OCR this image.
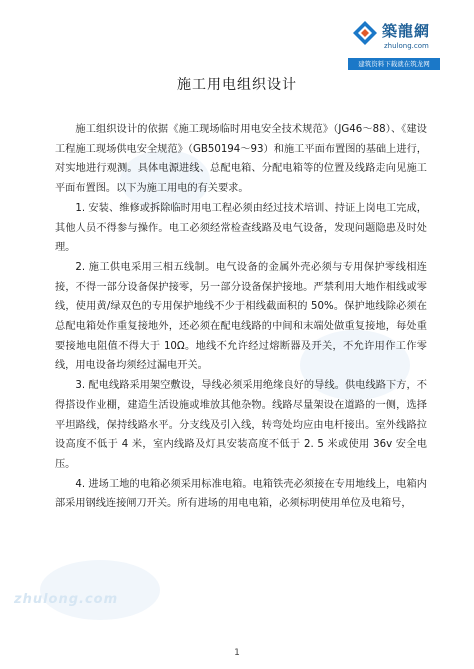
築龍網
zhulong.com
建筑资料下载就在筑龙网
施工用电组织设计

施工组织设计的依据《施工现场临时用电安全技术规范》（JG46～88）、《建设工程施工现场供电安全规范》（GB50194～93）和施工平面布置图的基础上进行，对实地进行观测。具体电源进线、总配电箱、分配电箱等的位置及线路走向见施工平面布置图。以下为施工用电的有关要求。

1. 安装、维修或拆除临时用电工程必须由经过技术培训、持证上岗电工完成，其他人员不得参与操作。电工必须经常检查线路及电气设备，发现问题隐患及时处理。

2. 施工供电采用三相五线制。电气设备的金属外壳必须与专用保护零线相连接，不得一部分设备保护接零，另一部分设备保护接地。严禁利用大地作相线或零线，使用黄/绿双色的专用保护地线不少于相线截面积的 50%。保护地线除必须在总配电箱处作重复接地外，还必须在配电线路的中间和末端处做重复接地，每处重要接地电阻值不得大于 10Ω。地线不允许经过熔断器及开关，不允许用作工作零线，用电设备均须经过漏电开关。

3. 配电线路采用架空敷设，导线必须采用绝缘良好的导线。供电线路下方，不得搭设作业棚，建造生活设施或堆放其他杂物。线路尽量架设在道路的一侧，选择平坦路线，保持线路水平。分支线及引入线，转弯处均应由电杆接出。室外线路拉设高度不低于 4 米，室内线路及灯具安装高度不低于 2. 5 米或使用 36v 安全电压。

4. 进场工地的电箱必须采用标准电箱。电箱铁壳必须接在专用地线上，电箱内部采用钢线连接闸刀开关。所有进场的用电电箱，必须标明使用单位及电箱号，

zhulong.com
1
